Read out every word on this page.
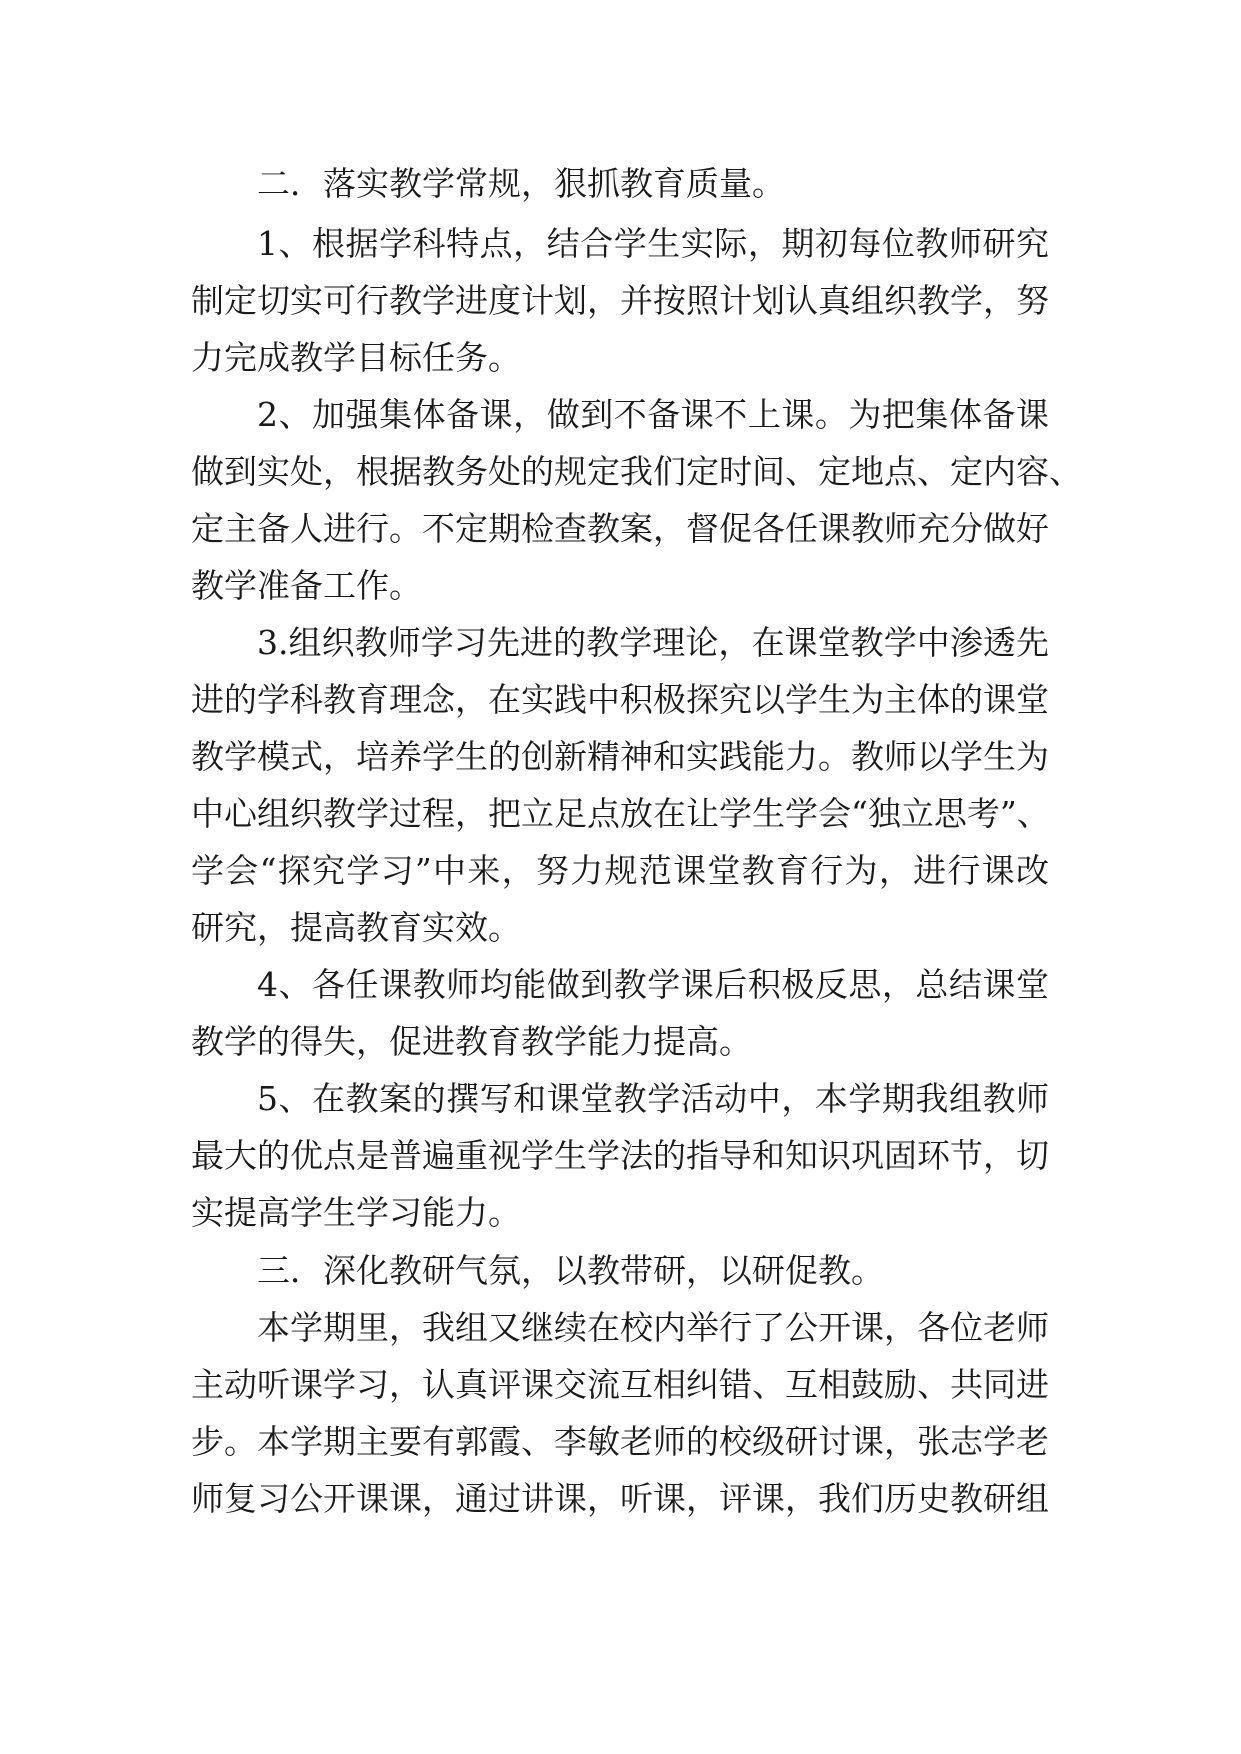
二．落实教学常规，狠抓教育质量。

1、根据学科特点，结合学生实际，期初每位教师研究

制定切实可行教学进度计划，并按照计划认真组织教学，努

力完成教学目标任务。

2、加强集体备课，做到不备课不上课。为把集体备课

做到实处，根据教务处的规定我们定时间、定地点、定内容、

定主备人进行。不定期检查教案，督促各任课教师充分做好

教学准备工作。

3.组织教师学习先进的教学理论，在课堂教学中渗透先

进的学科教育理念，在实践中积极探究以学生为主体的课堂

教学模式，培养学生的创新精神和实践能力。教师以学生为

中心组织教学过程，把立足点放在让学生学会“独立思考”、

学会“探究学习”中来，努力规范课堂教育行为，进行课改

研究，提高教育实效。

4、各任课教师均能做到教学课后积极反思，总结课堂

教学的得失，促进教育教学能力提高。

5、在教案的撰写和课堂教学活动中，本学期我组教师

最大的优点是普遍重视学生学法的指导和知识巩固环节，切

实提高学生学习能力。

三．深化教研气氛，以教带研，以研促教。

本学期里，我组又继续在校内举行了公开课，各位老师

主动听课学习，认真评课交流互相纠错、互相鼓励、共同进

步。本学期主要有郭霞、李敏老师的校级研讨课，张志学老

师复习公开课课，通过讲课，听课，评课，我们历史教研组
